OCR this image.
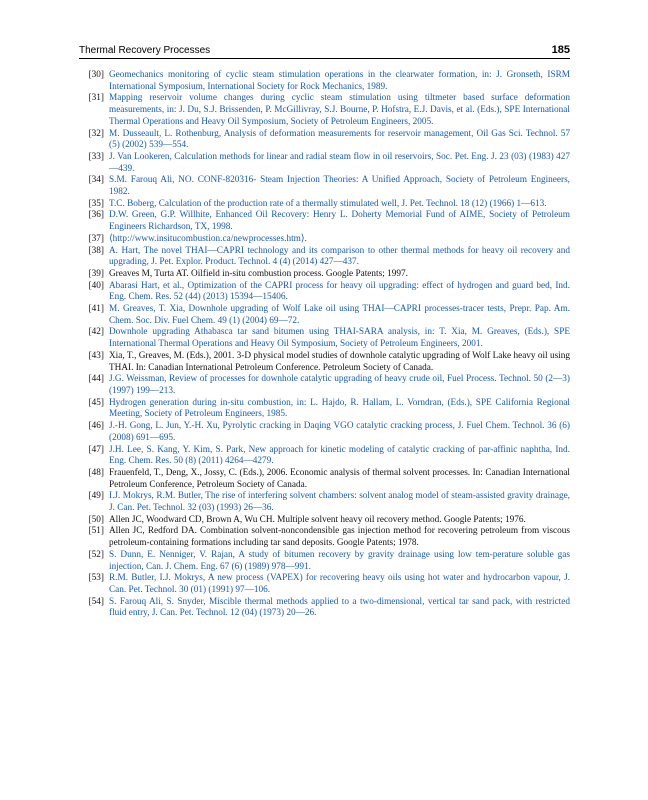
Thermal Recovery Processes	185
[30] Geomechanics monitoring of cyclic steam stimulation operations in the clearwater formation, in: J. Gronseth, ISRM International Symposium, International Society for Rock Mechanics, 1989.
[31] Mapping reservoir volume changes during cyclic steam stimulation using tiltmeter based surface deformation measurements, in: J. Du, S.J. Brissenden, P. McGillivray, S.J. Bourne, P. Hofstra, E.J. Davis, et al. (Eds.), SPE International Thermal Operations and Heavy Oil Symposium, Society of Petroleum Engineers, 2005.
[32] M. Dusseault, L. Rothenburg, Analysis of deformation measurements for reservoir management, Oil Gas Sci. Technol. 57 (5) (2002) 539—554.
[33] J. Van Lookeren, Calculation methods for linear and radial steam flow in oil reservoirs, Soc. Pet. Eng. J. 23 (03) (1983) 427—439.
[34] S.M. Farouq Ali, NO. CONF-820316- Steam Injection Theories: A Unified Approach, Society of Petroleum Engineers, 1982.
[35] T.C. Boberg, Calculation of the production rate of a thermally stimulated well, J. Pet. Technol. 18 (12) (1966) 1—613.
[36] D.W. Green, G.P. Willhite, Enhanced Oil Recovery: Henry L. Doherty Memorial Fund of AIME, Society of Petroleum Engineers Richardson, TX, 1998.
[37] ⟨http://www.insitucombustion.ca/newprocesses.htm⟩.
[38] A. Hart, The novel THAI—CAPRI technology and its comparison to other thermal methods for heavy oil recovery and upgrading, J. Pet. Explor. Product. Technol. 4 (4) (2014) 427—437.
[39] Greaves M, Turta AT. Oilfield in-situ combustion process. Google Patents; 1997.
[40] Abarasi Hart, et al., Optimization of the CAPRI process for heavy oil upgrading: effect of hydrogen and guard bed, Ind. Eng. Chem. Res. 52 (44) (2013) 15394—15406.
[41] M. Greaves, T. Xia, Downhole upgrading of Wolf Lake oil using THAI—CAPRI processes-tracer tests, Prepr. Pap. Am. Chem. Soc. Div. Fuel Chem. 49 (1) (2004) 69—72.
[42] Downhole upgrading Athabasca tar sand bitumen using THAI-SARA analysis, in: T. Xia, M. Greaves, (Eds.), SPE International Thermal Operations and Heavy Oil Symposium, Society of Petroleum Engineers, 2001.
[43] Xia, T., Greaves, M. (Eds.), 2001. 3-D physical model studies of downhole catalytic upgrading of Wolf Lake heavy oil using THAI. In: Canadian International Petroleum Conference. Petroleum Society of Canada.
[44] J.G. Weissman, Review of processes for downhole catalytic upgrading of heavy crude oil, Fuel Process. Technol. 50 (2—3) (1997) 199—213.
[45] Hydrogen generation during in-situ combustion, in: L. Hajdo, R. Hallam, L. Vorndran, (Eds.), SPE California Regional Meeting, Society of Petroleum Engineers, 1985.
[46] J.-H. Gong, L. Jun, Y.-H. Xu, Pyrolytic cracking in Daqing VGO catalytic cracking process, J. Fuel Chem. Technol. 36 (6) (2008) 691—695.
[47] J.H. Lee, S. Kang, Y. Kim, S. Park, New approach for kinetic modeling of catalytic cracking of par-affinic naphtha, Ind. Eng. Chem. Res. 50 (8) (2011) 4264—4279.
[48] Frauenfeld, T., Deng, X., Jossy, C. (Eds.), 2006. Economic analysis of thermal solvent processes. In: Canadian International Petroleum Conference, Petroleum Society of Canada.
[49] I.J. Mokrys, R.M. Butler, The rise of interfering solvent chambers: solvent analog model of steam-assisted gravity drainage, J. Can. Pet. Technol. 32 (03) (1993) 26—36.
[50] Allen JC, Woodward CD, Brown A, Wu CH. Multiple solvent heavy oil recovery method. Google Patents; 1976.
[51] Allen JC, Redford DA. Combination solvent-noncondensible gas injection method for recovering petroleum from viscous petroleum-containing formations including tar sand deposits. Google Patents; 1978.
[52] S. Dunn, E. Nenniger, V. Rajan, A study of bitumen recovery by gravity drainage using low tem-perature soluble gas injection, Can. J. Chem. Eng. 67 (6) (1989) 978—991.
[53] R.M. Butler, I.J. Mokrys, A new process (VAPEX) for recovering heavy oils using hot water and hydrocarbon vapour, J. Can. Pet. Technol. 30 (01) (1991) 97—106.
[54] S. Farouq Ali, S. Snyder, Miscible thermal methods applied to a two-dimensional, vertical tar sand pack, with restricted fluid entry, J. Can. Pet. Technol. 12 (04) (1973) 20—26.
